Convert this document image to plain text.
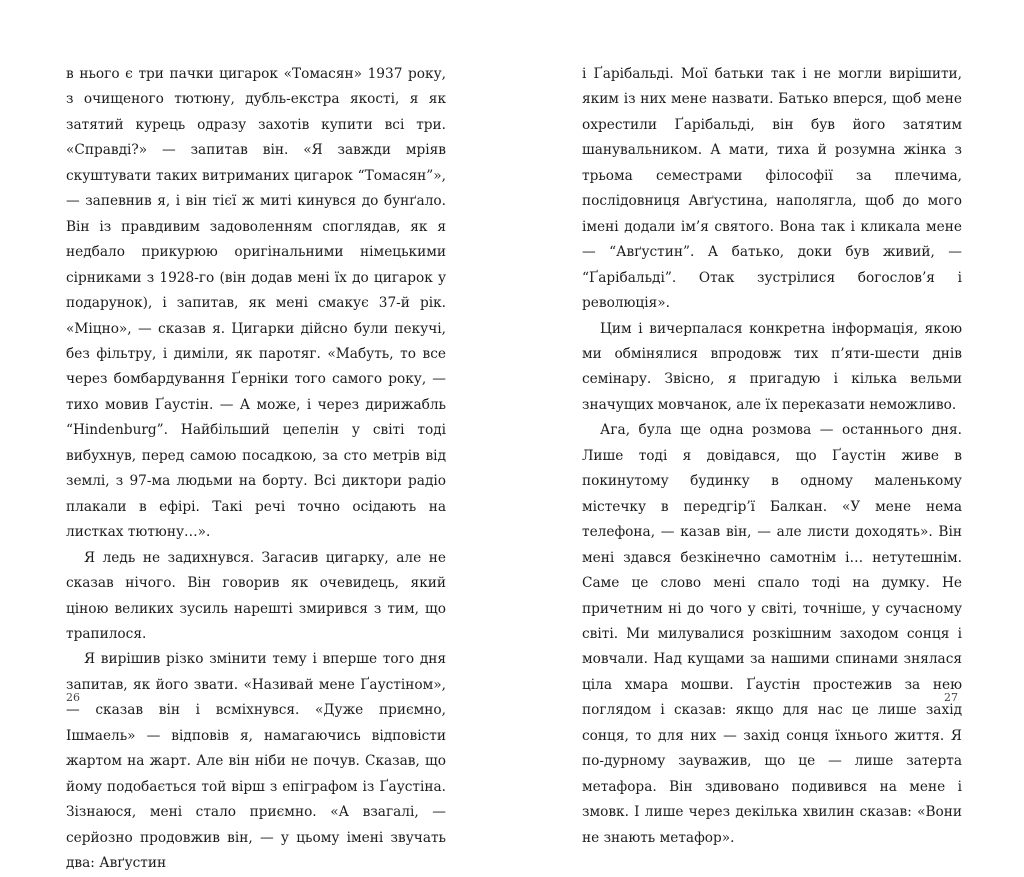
в нього є три пачки цигарок «Томасян» 1937 року, з очищеного тютюну, дубль-екстра якості, я як затятий курець одразу захотів купити всі три. «Справді?» — запитав він. «Я завжди мріяв скуштувати таких витриманих цигарок “Томасян”», — запевнив я, і він тієї ж миті кинувся до бунґало. Він із правдивим задоволенням споглядав, як я недбало прикурюю оригінальними німецькими сірниками з 1928-го (він додав мені їх до цигарок у подарунок), і запитав, як мені смакує 37-й рік. «Міцно», — сказав я. Цигарки дійсно були пекучі, без фільтру, і диміли, як паротяг. «Мабуть, то все через бомбардування Ґерніки того самого року, — тихо мовив Ґаустін. — А може, і через дирижабль “Hindenburg”. Найбільший цепелін у світі тоді вибухнув, перед самою посадкою, за сто метрів від землі, з 97-ма людьми на борту. Всі диктори радіо плакали в ефірі. Такі речі точно осідають на листках тютюну…».

Я ледь не задихнувся. Загасив цигарку, але не сказав нічого. Він говорив як очевидець, який ціною великих зусиль нарешті змирився з тим, що трапилося.

Я вирішив різко змінити тему і вперше того дня запитав, як його звати. «Називай мене Ґаустіном», — сказав він і всміхнувся. «Дуже приємно, Ішмаель» — відповів я, намагаючись відповісти жартом на жарт. Але він ніби не почув. Сказав, що йому подобається той вірш з епіграфом із Ґаустіна. Зізнаюся, мені стало приємно. «А взагалі, — серйозно продовжив він, — у цьому імені звучать два: Авґустин

і Ґарібальді. Мої батьки так і не могли вирішити, яким із них мене назвати. Батько вперся, щоб мене охрестили Ґарібальді, він був його затятим шанувальником. А мати, тиха й розумна жінка з трьома семестрами філософії за плечима, послідовниця Авґустина, наполягла, щоб до мого імені додали ім’я святого. Вона так і кликала мене — “Авґустин”. А батько, доки був живий, — “Ґарібальді”. Отак зустрілися богослов’я і революція».

Цим і вичерпалася конкретна інформація, якою ми обмінялися впродовж тих п’яти-шести днів семінару. Звісно, я пригадую і кілька вельми значущих мовчанок, але їх переказати неможливо.

Ага, була ще одна розмова — останнього дня. Лише тоді я довідався, що Ґаустін живе в покинутому будинку в одному маленькому містечку в передгір’ї Балкан. «У мене нема телефона, — казав він, — але листи доходять». Він мені здався безкінечно самотнім і… нетутешнім. Саме це слово мені спало тоді на думку. Не причетним ні до чого у світі, точніше, у сучасному світі. Ми милувалися розкішним заходом сонця і мовчали. Над кущами за нашими спинами знялася ціла хмара мошви. Ґаустін простежив за нею поглядом і сказав: якщо для нас це лише захід сонця, то для них — захід сонця їхнього життя. Я по-дурному зауважив, що це — лише затерта метафора. Він здивовано подивився на мене і змовк. І лише через декілька хвилин сказав: «Вони не знають метафор».

26	27
